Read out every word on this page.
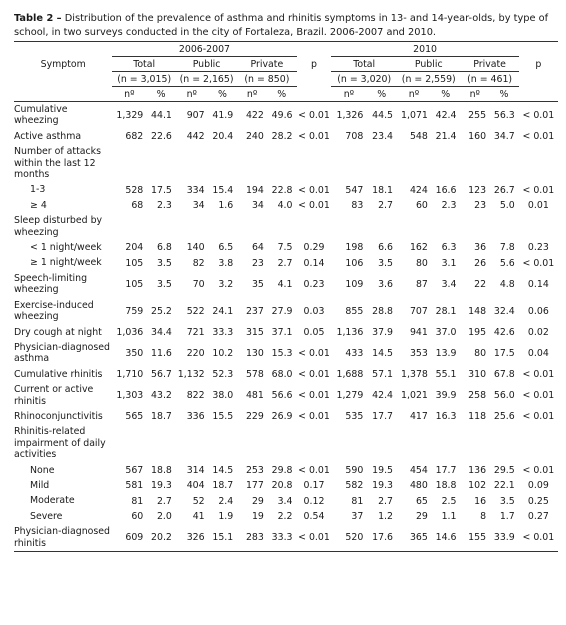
Table 2 – Distribution of the prevalence of asthma and rhinitis symptoms in 13- and 14-year-olds, by type of school, in two surveys conducted in the city of Fortaleza, Brazil. 2006-2007 and 2010.
Symptom	2006-2007						p	2010						p
	Total		Public		Private			Total		Public		Private		
	(n = 3,015)		(n = 2,165)		(n = 850)			(n = 3,020)		(n = 2,559)		(n = 461)		
	nº	%	nº	%	nº	%		nº	%	nº	%	nº	%	
Cumulative wheezing	1,329	44.1	907	41.9	422	49.6	< 0.01	1,326	44.5	1,071	42.4	255	56.3	< 0.01
Active asthma	682	22.6	442	20.4	240	28.2	< 0.01	708	23.4	548	21.4	160	34.7	< 0.01
Number of attacks within the last 12 months														
1-3	528	17.5	334	15.4	194	22.8	< 0.01	547	18.1	424	16.6	123	26.7	< 0.01
≥ 4	68	2.3	34	1.6	34	4.0	< 0.01	83	2.7	60	2.3	23	5.0	0.01
Sleep disturbed by wheezing														
< 1 night/week	204	6.8	140	6.5	64	7.5	0.29	198	6.6	162	6.3	36	7.8	0.23
≥ 1 night/week	105	3.5	82	3.8	23	2.7	0.14	106	3.5	80	3.1	26	5.6	< 0.01
Speech-limiting wheezing	105	3.5	70	3.2	35	4.1	0.23	109	3.6	87	3.4	22	4.8	0.14
Exercise-induced wheezing	759	25.2	522	24.1	237	27.9	0.03	855	28.8	707	28.1	148	32.4	0.06
Dry cough at night	1,036	34.4	721	33.3	315	37.1	0.05	1,136	37.9	941	37.0	195	42.6	0.02
Physician-diagnosed asthma	350	11.6	220	10.2	130	15.3	< 0.01	433	14.5	353	13.9	80	17.5	0.04
Cumulative rhinitis	1,710	56.7	1,132	52.3	578	68.0	< 0.01	1,688	57.1	1,378	55.1	310	67.8	< 0.01
Current or active rhinitis	1,303	43.2	822	38.0	481	56.6	< 0.01	1,279	42.4	1,021	39.9	258	56.0	< 0.01
Rhinoconjunctivitis	565	18.7	336	15.5	229	26.9	< 0.01	535	17.7	417	16.3	118	25.6	< 0.01
Rhinitis-related impairment of daily activities														
None	567	18.8	314	14.5	253	29.8	< 0.01	590	19.5	454	17.7	136	29.5	< 0.01
Mild	581	19.3	404	18.7	177	20.8	0.17	582	19.3	480	18.8	102	22.1	0.09
Moderate	81	2.7	52	2.4	29	3.4	0.12	81	2.7	65	2.5	16	3.5	0.25
Severe	60	2.0	41	1.9	19	2.2	0.54	37	1.2	29	1.1	8	1.7	0.27
Physician-diagnosed rhinitis	609	20.2	326	15.1	283	33.3	< 0.01	520	17.6	365	14.6	155	33.9	< 0.01
